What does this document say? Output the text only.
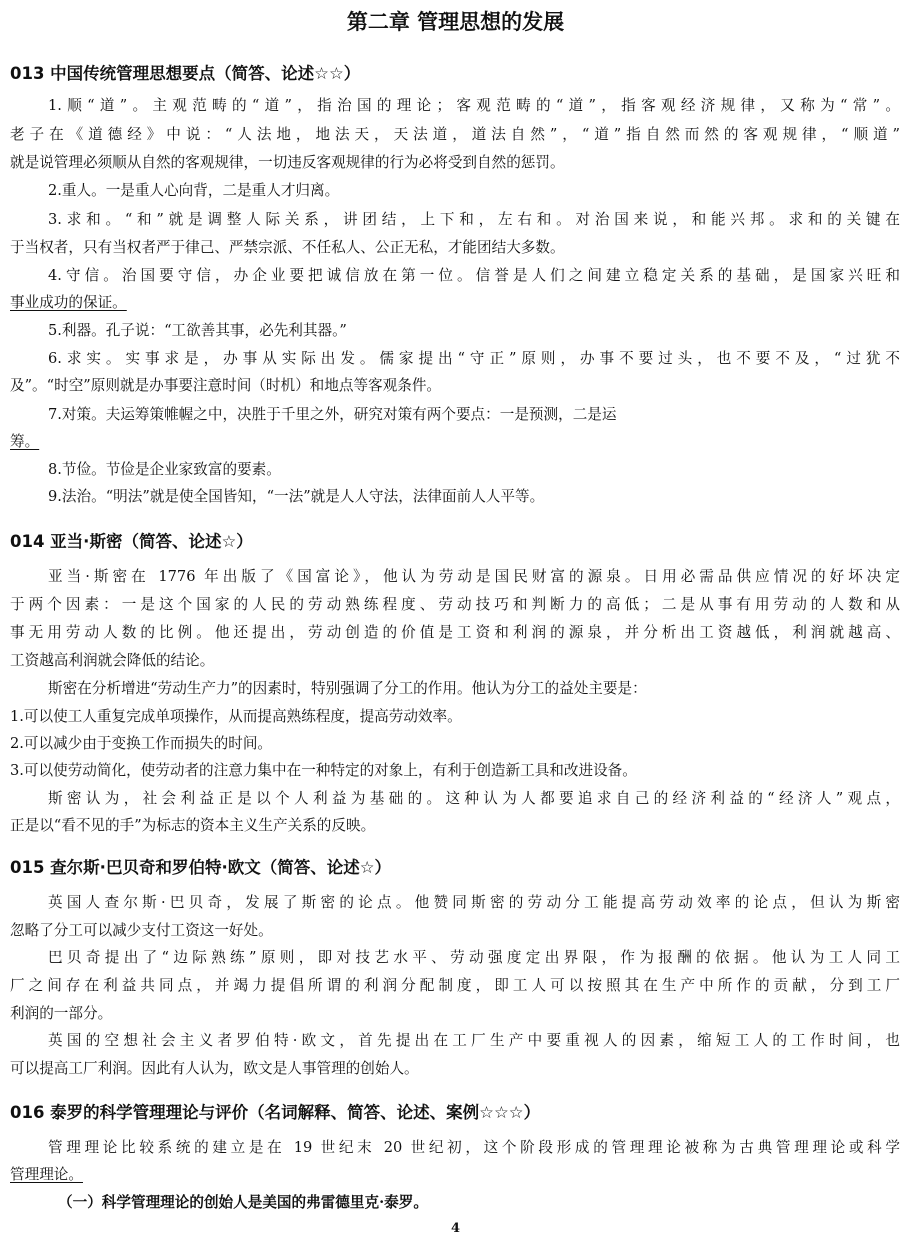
第二章 管理思想的发展
013 中国传统管理思想要点（简答、论述☆☆）
1.顺“道”。主观范畴的“道”，指治国的理论；客观范畴的“道”，指客观经济规律，又称为“常”。
老子在《道德经》中说：“人法地，地法天，天法道，道法自然”，“道”指自然而然的客观规律，“顺道”
就是说管理必须顺从自然的客观规律，一切违反客观规律的行为必将受到自然的惩罚。
2.重人。一是重人心向背，二是重人才归离。
3.求和。“和”就是调整人际关系，讲团结，上下和，左右和。对治国来说，和能兴邦。求和的关键在
于当权者，只有当权者严于律己、严禁宗派、不任私人、公正无私，才能团结大多数。
4.守信。治国要守信，办企业要把诚信放在第一位。信誉是人们之间建立稳定关系的基础，是国家兴旺和
事业成功的保证。
5.利器。孔子说：“工欲善其事，必先利其器。”
6.求实。实事求是，办事从实际出发。儒家提出“守正”原则，办事不要过头，也不要不及，“过犹不
及”。“时空”原则就是办事要注意时间（时机）和地点等客观条件。
7.对策。夫运筹策帷幄之中，决胜于千里之外，研究对策有两个要点：一是预测，二是运
筹。
8.节俭。节俭是企业家致富的要素。
9.法治。“明法”就是使全国皆知，“一法”就是人人守法，法律面前人人平等。
014 亚当·斯密（简答、论述☆）
亚当·斯密在 1776 年出版了《国富论》，他认为劳动是国民财富的源泉。日用必需品供应情况的好坏决定
于两个因素：一是这个国家的人民的劳动熟练程度、劳动技巧和判断力的高低；二是从事有用劳动的人数和从
事无用劳动人数的比例。他还提出，劳动创造的价值是工资和利润的源泉，并分析出工资越低，利润就越高、
工资越高利润就会降低的结论。
斯密在分析增进“劳动生产力”的因素时，特别强调了分工的作用。他认为分工的益处主要是：
1.可以使工人重复完成单项操作，从而提高熟练程度，提高劳动效率。
2.可以减少由于变换工作而损失的时间。
3.可以使劳动简化，使劳动者的注意力集中在一种特定的对象上，有利于创造新工具和改进设备。
斯密认为，社会利益正是以个人利益为基础的。这种认为人都要追求自己的经济利益的“经济人”观点，
正是以“看不见的手”为标志的资本主义生产关系的反映。
015 查尔斯·巴贝奇和罗伯特·欧文（简答、论述☆）
英国人查尔斯·巴贝奇，发展了斯密的论点。他赞同斯密的劳动分工能提高劳动效率的论点，但认为斯密
忽略了分工可以减少支付工资这一好处。
巴贝奇提出了“边际熟练”原则，即对技艺水平、劳动强度定出界限，作为报酬的依据。他认为工人同工
厂之间存在利益共同点，并竭力提倡所谓的利润分配制度，即工人可以按照其在生产中所作的贡献，分到工厂
利润的一部分。
英国的空想社会主义者罗伯特·欧文，首先提出在工厂生产中要重视人的因素，缩短工人的工作时间，也
可以提高工厂利润。因此有人认为，欧文是人事管理的创始人。
016 泰罗的科学管理理论与评价（名词解释、简答、论述、案例☆☆☆）
管理理论比较系统的建立是在 19 世纪末 20 世纪初，这个阶段形成的管理理论被称为古典管理理论或科学
管理理论。
（一）科学管理理论的创始人是美国的弗雷德里克·泰罗。
4
